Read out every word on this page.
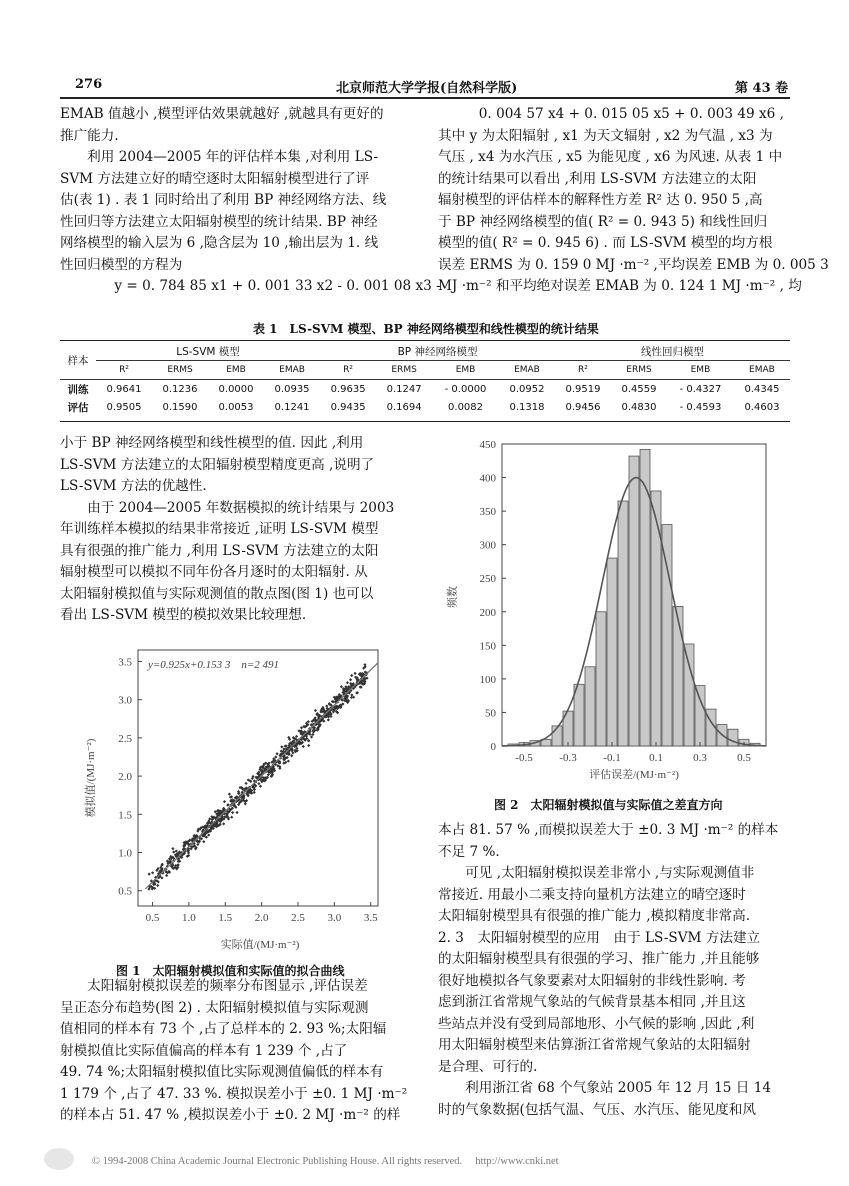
276	北京师范大学学报(自然科学版)	第 43 卷
EMAB 值越小 ,模型评估效果就越好 ,就越具有更好的
推广能力.
　　利用 2004—2005 年的评估样本集 ,对利用 LS-
SVM 方法建立好的晴空逐时太阳辐射模型进行了评
估(表 1) . 表 1 同时给出了利用 BP 神经网络方法、线
性回归等方法建立太阳辐射模型的统计结果. BP 神经
网络模型的输入层为 6 ,隐含层为 10 ,输出层为 1. 线
性回归模型的方程为
　　　　y = 0. 784 85 x1 + 0. 001 33 x2 - 0. 001 08 x3 -
　　　0. 004 57 x4 + 0. 015 05 x5 + 0. 003 49 x6 ,
其中 y 为太阳辐射 , x1 为天文辐射 , x2 为气温 , x3 为
气压 , x4 为水汽压 , x5 为能见度 , x6 为风速. 从表 1 中
的统计结果可以看出 ,利用 LS-SVM 方法建立的太阳
辐射模型的评估样本的解释性方差 R² 达 0. 950 5 ,高
于 BP 神经网络模型的值( R² = 0. 943 5) 和线性回归
模型的值( R² = 0. 945 6) . 而 LS-SVM 模型的均方根
误差 ERMS 为 0. 159 0 MJ ·m⁻² ,平均误差 EMB 为 0. 005 3
MJ ·m⁻² 和平均绝对误差 EMAB 为 0. 124 1 MJ ·m⁻² , 均
表 1　LS-SVM 模型、BP 神经网络模型和线性模型的统计结果
样本	LS-SVM 模型				BP 神经网络模型				线性回归模型			
	R²	ERMS	EMB	EMAB	R²	ERMS	EMB	EMAB	R²	ERMS	EMB	EMAB
训练	0.9641	0.1236	0.0000	0.0935	0.9635	0.1247	- 0.0000	0.0952	0.9519	0.4559	- 0.4327	0.4345
评估	0.9505	0.1590	0.0053	0.1241	0.9435	0.1694	0.0082	0.1318	0.9456	0.4830	- 0.4593	0.4603
小于 BP 神经网络模型和线性模型的值. 因此 ,利用
LS-SVM 方法建立的太阳辐射模型精度更高 ,说明了
LS-SVM 方法的优越性.
　　由于 2004—2005 年数据模拟的统计结果与 2003
年训练样本模拟的结果非常接近 ,证明 LS-SVM 模型
具有很强的推广能力 ,利用 LS-SVM 方法建立的太阳
辐射模型可以模拟不同年份各月逐时的太阳辐射. 从
太阳辐射模拟值与实际观测值的散点图(图 1) 也可以
看出 LS-SVM 模型的模拟效果比较理想.
0.5 1.0 1.5 2.0 2.5 3.0 3.5
0.5
1.0
1.5
2.0
2.5
3.0
3.5 y=0.925x+0.153 3　n=2 491
实际值/(MJ·m⁻²)
模拟值/(MJ·m⁻²)
图 1　太阳辐射模拟值和实际值的拟合曲线
　　太阳辐射模拟误差的频率分布图显示 ,评估误差
呈正态分布趋势(图 2) . 太阳辐射模拟值与实际观测
值相同的样本有 73 个 ,占了总样本的 2. 93 %;太阳辐
射模拟值比实际值偏高的样本有 1 239 个 ,占了
49. 74 %;太阳辐射模拟值比实际观测值偏低的样本有
1 179 个 ,占了 47. 33 %. 模拟误差小于 ±0. 1 MJ ·m⁻²
的样本占 51. 47 % ,模拟误差小于 ±0. 2 MJ ·m⁻² 的样
-0.5 -0.3 -0.1	0.1	0.3	0.5
0
50
100
150
200
250
300
350
400
450
评估误差/(MJ·m⁻²)
频数
图 2　太阳辐射模拟值与实际值之差直方向
本占 81. 57 % ,而模拟误差大于 ±0. 3 MJ ·m⁻² 的样本
不足 7 %.
　　可见 ,太阳辐射模拟误差非常小 ,与实际观测值非
常接近. 用最小二乘支持向量机方法建立的晴空逐时
太阳辐射模型具有很强的推广能力 ,模拟精度非常高.
2. 3　太阳辐射模型的应用　由于 LS-SVM 方法建立
的太阳辐射模型具有很强的学习、推广能力 ,并且能够
很好地模拟各气象要素对太阳辐射的非线性影响. 考
虑到浙江省常规气象站的气候背景基本相同 ,并且这
些站点并没有受到局部地形、小气候的影响 ,因此 ,利
用太阳辐射模型来估算浙江省常规气象站的太阳辐射
是合理、可行的.
　　利用浙江省 68 个气象站 2005 年 12 月 15 日 14
时的气象数据(包括气温、气压、水汽压、能见度和风
© 1994-2008 China Academic Journal Electronic Publishing House. All rights reserved.　 http://www.cnki.net
